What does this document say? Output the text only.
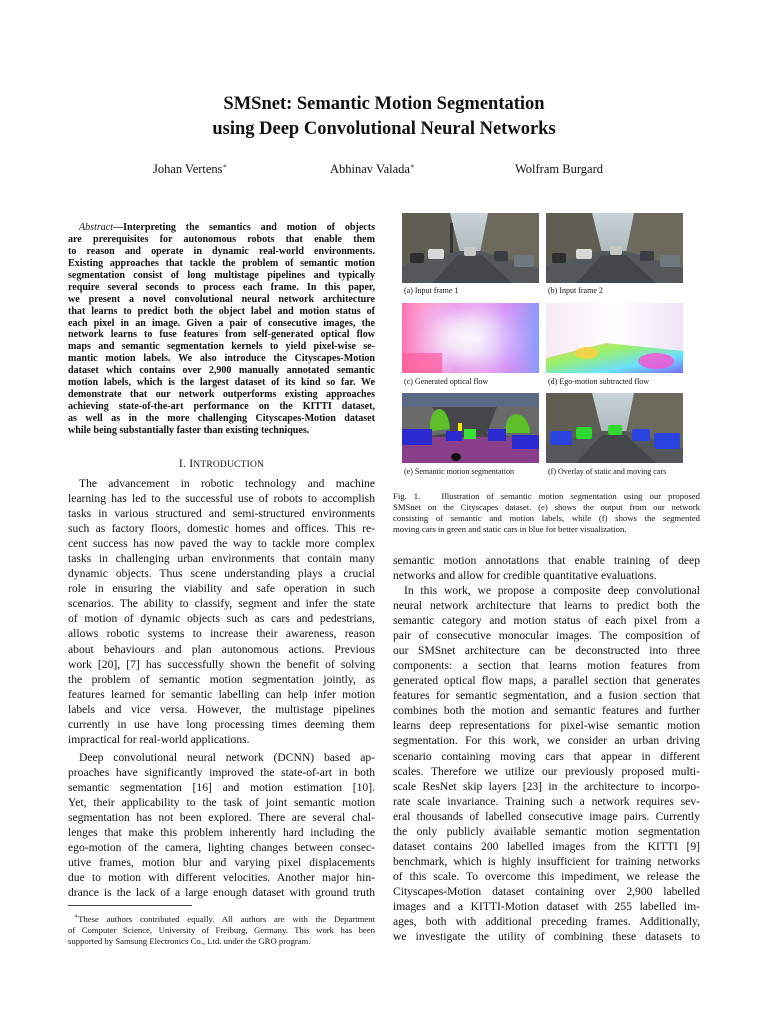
SMSnet: Semantic Motion Segmentation
using Deep Convolutional Neural Networks
Johan Vertens∗	Abhinav Valada∗	Wolfram Burgard
Abstract—Interpreting the semantics and motion of objects
are prerequisites for autonomous robots that enable them
to reason and operate in dynamic real-world environments.
Existing approaches that tackle the problem of semantic motion
segmentation consist of long multistage pipelines and typically
require several seconds to process each frame. In this paper,
we present a novel convolutional neural network architecture
that learns to predict both the object label and motion status of
each pixel in an image. Given a pair of consecutive images, the
network learns to fuse features from self-generated optical flow
maps and semantic segmentation kernels to yield pixel-wise se-
mantic motion labels. We also introduce the Cityscapes-Motion
dataset which contains over 2,900 manually annotated semantic
motion labels, which is the largest dataset of its kind so far. We
demonstrate that our network outperforms existing approaches
achieving state-of-the-art performance on the KITTI dataset,
as well as in the more challenging Cityscapes-Motion dataset
while being substantially faster than existing techniques.
I. INTRODUCTION
The advancement in robotic technology and machine
learning has led to the successful use of robots to accomplish
tasks in various structured and semi-structured environments
such as factory floors, domestic homes and offices. This re-
cent success has now paved the way to tackle more complex
tasks in challenging urban environments that contain many
dynamic objects. Thus scene understanding plays a crucial
role in ensuring the viability and safe operation in such
scenarios. The ability to classify, segment and infer the state
of motion of dynamic objects such as cars and pedestrians,
allows robotic systems to increase their awareness, reason
about behaviours and plan autonomous actions. Previous
work [20], [7] has successfully shown the benefit of solving
the problem of semantic motion segmentation jointly, as
features learned for semantic labelling can help infer motion
labels and vice versa. However, the multistage pipelines
currently in use have long processing times deeming them
impractical for real-world applications.
Deep convolutional neural network (DCNN) based ap-
proaches have significantly improved the state-of-art in both
semantic segmentation [16] and motion estimation [10].
Yet, their applicability to the task of joint semantic motion
segmentation has not been explored. There are several chal-
lenges that make this problem inherently hard including the
ego-motion of the camera, lighting changes between consec-
utive frames, motion blur and varying pixel displacements
due to motion with different velocities. Another major hin-
drance is the lack of a large enough dataset with ground truth
∗These authors contributed equally. All authors are with the Department
of Computer Science, University of Freiburg, Germany. This work has been
supported by Samsung Electronics Co., Ltd. under the GRO program.
(a) Input frame 1	(b) Input frame 2
(c) Generated optical flow	(d) Ego-motion subtracted flow
(e) Semantic motion segmentation	(f) Overlay of static and moving cars
Fig. 1.   Illustration of semantic motion segmentation using our proposed
SMSnet on the Cityscapes dataset. (e) shows the output from our network
consisting of semantic and motion labels, while (f) shows the segmented
moving cars in green and static cars in blue for better visualization.
semantic motion annotations that enable training of deep
networks and allow for credible quantitative evaluations.
In this work, we propose a composite deep convolutional
neural network architecture that learns to predict both the
semantic category and motion status of each pixel from a
pair of consecutive monocular images. The composition of
our SMSnet architecture can be deconstructed into three
components: a section that learns motion features from
generated optical flow maps, a parallel section that generates
features for semantic segmentation, and a fusion section that
combines both the motion and semantic features and further
learns deep representations for pixel-wise semantic motion
segmentation. For this work, we consider an urban driving
scenario containing moving cars that appear in different
scales. Therefore we utilize our previously proposed multi-
scale ResNet skip layers [23] in the architecture to incorpo-
rate scale invariance. Training such a network requires sev-
eral thousands of labelled consecutive image pairs. Currently
the only publicly available semantic motion segmentation
dataset contains 200 labelled images from the KITTI [9]
benchmark, which is highly insufficient for training networks
of this scale. To overcome this impediment, we release the
Cityscapes-Motion dataset containing over 2,900 labelled
images and a KITTI-Motion dataset with 255 labelled im-
ages, both with additional preceding frames. Additionally,
we investigate the utility of combining these datasets to
